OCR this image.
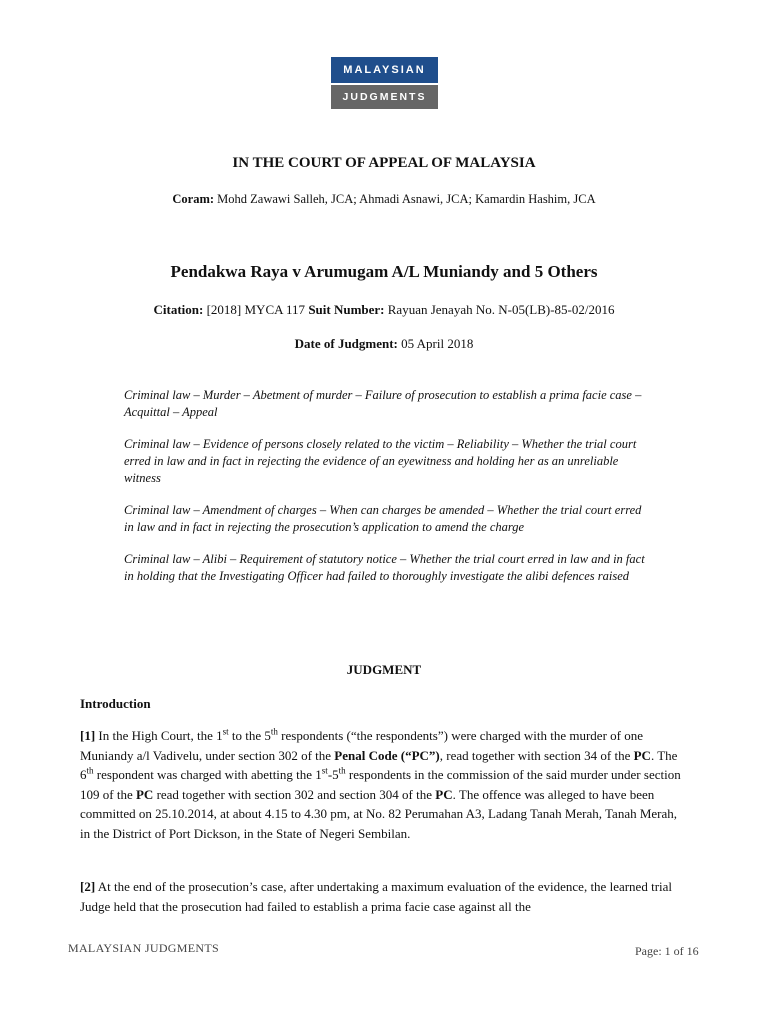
MALAYSIAN
JUDGMENTS
IN THE COURT OF APPEAL OF MALAYSIA
Coram: Mohd Zawawi Salleh, JCA; Ahmadi Asnawi, JCA; Kamardin Hashim, JCA
Pendakwa Raya v Arumugam A/L Muniandy and 5 Others
Citation: [2018] MYCA 117 Suit Number: Rayuan Jenayah No. N-05(LB)-85-02/2016
Date of Judgment: 05 April 2018

Criminal law – Murder – Abetment of murder – Failure of prosecution to establish a prima facie case – Acquittal – Appeal

Criminal law – Evidence of persons closely related to the victim – Reliability – Whether the trial court erred in law and in fact in rejecting the evidence of an eyewitness and holding her as an unreliable witness

Criminal law – Amendment of charges – When can charges be amended – Whether the trial court erred in law and in fact in rejecting the prosecution’s application to amend the charge

Criminal law – Alibi – Requirement of statutory notice – Whether the trial court erred in law and in fact in holding that the Investigating Officer had failed to thoroughly investigate the alibi defences raised

JUDGMENT
Introduction
[1] In the High Court, the 1st to the 5th respondents (“the respondents”) were charged with the murder of one Muniandy a/l Vadivelu, under section 302 of the Penal Code (“PC”), read together with section 34 of the PC. The 6th respondent was charged with abetting the 1st-5th respondents in the commission of the said murder under section 109 of the PC read together with section 302 and section 304 of the PC. The offence was alleged to have been committed on 25.10.2014, at about 4.15 to 4.30 pm, at No. 82 Perumahan A3, Ladang Tanah Merah, Tanah Merah, in the District of Port Dickson, in the State of Negeri Sembilan.
[2] At the end of the prosecution’s case, after undertaking a maximum evaluation of the evidence, the learned trial Judge held that the prosecution had failed to establish a prima facie case against all the
MALAYSIAN JUDGMENTS	Page: 1 of 16
